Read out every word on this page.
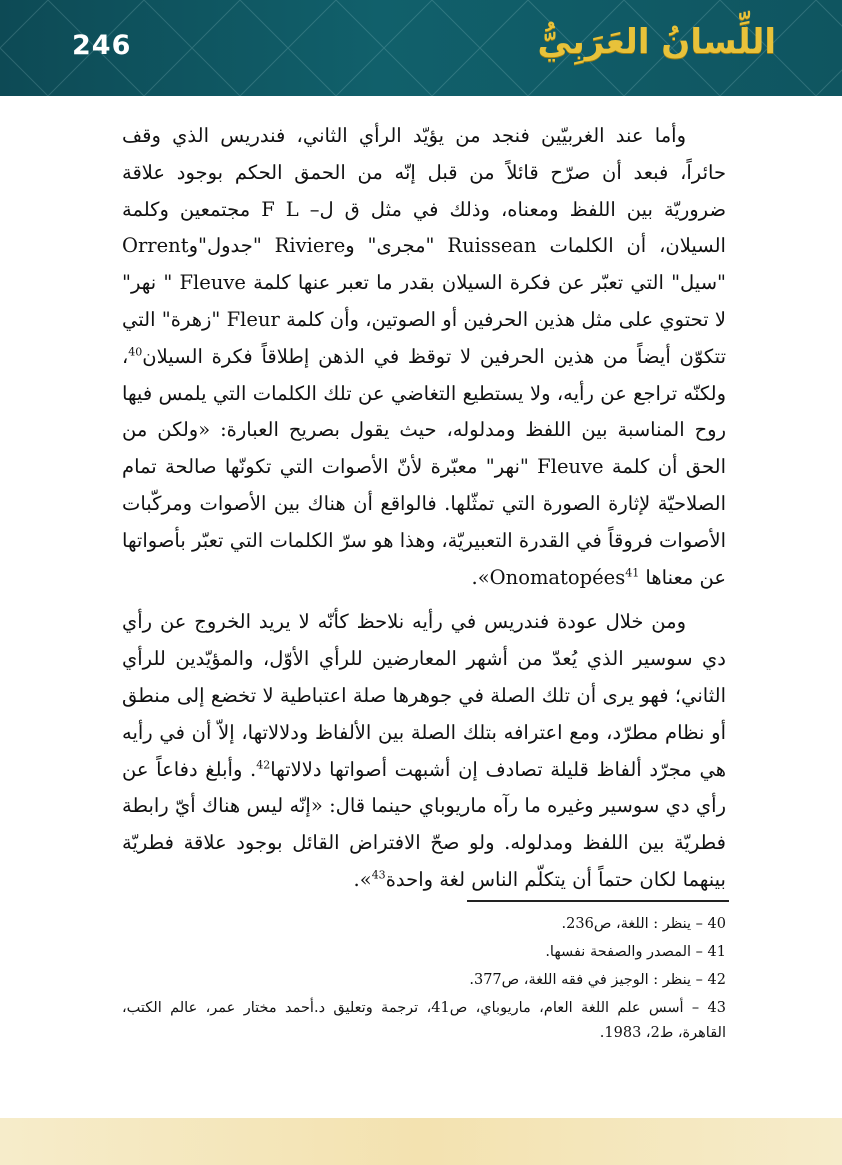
246	اللِّسانُ العَرَبِيُّ

وأما عند الغربيّين فنجد من يؤيّد الرأي الثاني، فندريس الذي وقف حائراً، فبعد أن صرّح قائلاً من قبل إنّه من الحمق الحكم بوجود علاقة ضروريّة بين اللفظ ومعناه، وذلك في مثل ق ل– F L مجتمعين وكلمة السيلان، أن الكلمات Ruissean "مجرى" وRiviere "جدول"وOrrent "سيل" التي تعبّر عن فكرة السيلان بقدر ما تعبر عنها كلمة Fleuve " نهر" لا تحتوي على مثل هذين الحرفين أو الصوتين، وأن كلمة Fleur "زهرة" التي تتكوّن أيضاً من هذين الحرفين لا توقظ في الذهن إطلاقاً فكرة السيلان$^{40}$، ولكنّه تراجع عن رأيه، ولا يستطيع التغاضي عن تلك الكلمات التي يلمس فيها روح المناسبة بين اللفظ ومدلوله، حيث يقول بصريح العبارة: «ولكن من الحق أن كلمة Fleuve "نهر" معبّرة لأنّ الأصوات التي تكونّها صالحة تمام الصلاحيّة لإثارة الصورة التي تمثّلها. فالواقع أن هناك بين الأصوات ومركّبات الأصوات فروقاً في القدرة التعبيريّة، وهذا هو سرّ الكلمات التي تعبّر بأصواتها عن معناها Onomatopées$^{41}$».

ومن خلال عودة فندريس في رأيه نلاحظ كأنّه لا يريد الخروج عن رأي دي سوسير الذي يُعدّ من أشهر المعارضين للرأي الأوّل، والمؤيّدين للرأي الثاني؛ فهو يرى أن تلك الصلة في جوهرها صلة اعتباطية لا تخضع إلى منطق أو نظام مطرّد، ومع اعترافه بتلك الصلة بين الألفاظ ودلالاتها، إلاّ أن في رأيه هي مجرّد ألفاظ قليلة تصادف إن أشبهت أصواتها دلالاتها$^{42}$. وأبلغ دفاعاً عن رأي دي سوسير وغيره ما رآه ماريوباي حينما قال: «إنّه ليس هناك أيّ رابطة فطريّة بين اللفظ ومدلوله. ولو صحّ الافتراض القائل بوجود علاقة فطريّة بينهما لكان حتماً أن يتكلّم الناس لغة واحدة$^{43}$».

40 – ينظر : اللغة، ص236.
41 – المصدر والصفحة نفسها.
42 – ينظر : الوجيز في فقه اللغة، ص377.
43 – أسس علم اللغة العام، ماريوباي، ص41، ترجمة وتعليق د.أحمد مختار عمر، عالم الكتب، القاهرة، ط2، 1983.
